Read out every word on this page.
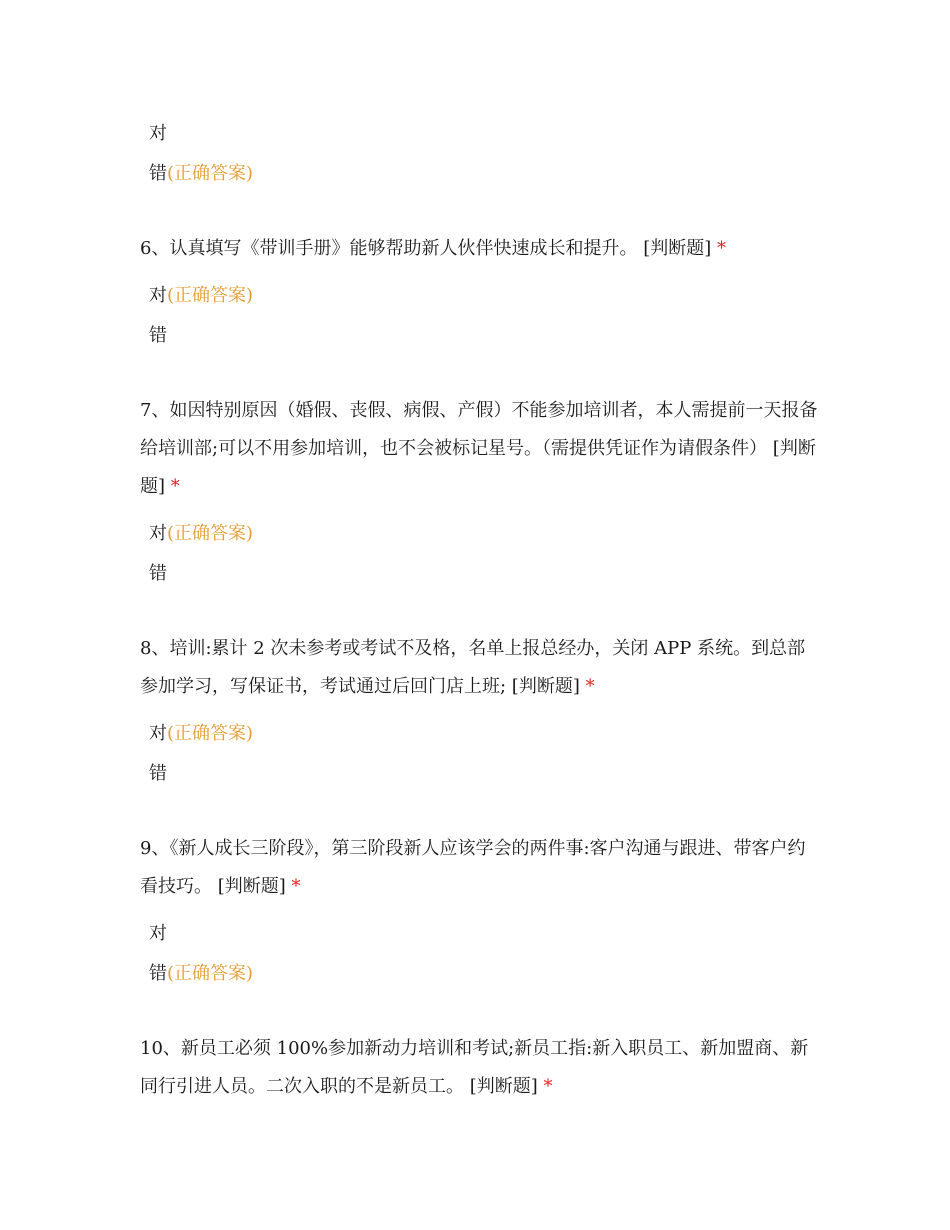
对
错(正确答案)
6、认真填写《带训手册》能够帮助新人伙伴快速成长和提升。 [判断题] *
对(正确答案)
错
7、如因特别原因（婚假、丧假、病假、产假）不能参加培训者，本人需提前一天报备给培训部;可以不用参加培训，也不会被标记星号。（需提供凭证作为请假条件） [判断题] *
对(正确答案)
错
8、培训:累计 2 次未参考或考试不及格，名单上报总经办，关闭 APP 系统。到总部参加学习，写保证书，考试通过后回门店上班; [判断题] *
对(正确答案)
错
9、《新人成长三阶段》，第三阶段新人应该学会的两件事:客户沟通与跟进、带客户约看技巧。 [判断题] *
对
错(正确答案)
10、新员工必须 100%参加新动力培训和考试;新员工指:新入职员工、新加盟商、新同行引进人员。二次入职的不是新员工。 [判断题] *
